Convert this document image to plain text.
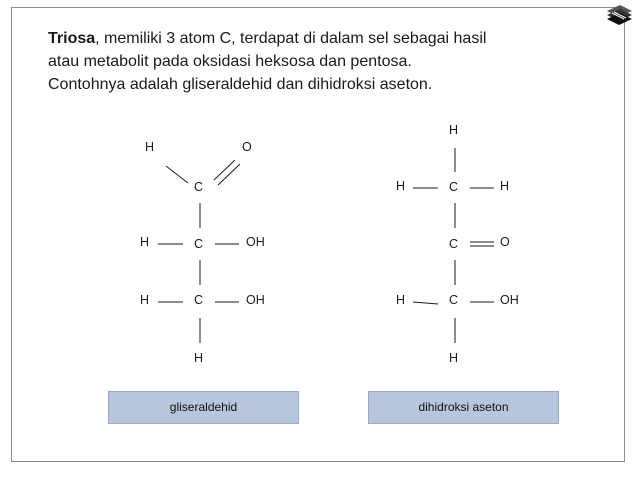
Triosa, memiliki 3 atom C, terdapat di dalam sel sebagai hasil
atau metabolit pada oksidasi heksosa dan pentosa.
Contohnya adalah gliseraldehid dan dihidroksi aseton.
H	O
C
C
H	OH
C
H	OH
H
H
C
H	H
C	O
C
H	OH
H
gliseraldehid	dihidroksi aseton
